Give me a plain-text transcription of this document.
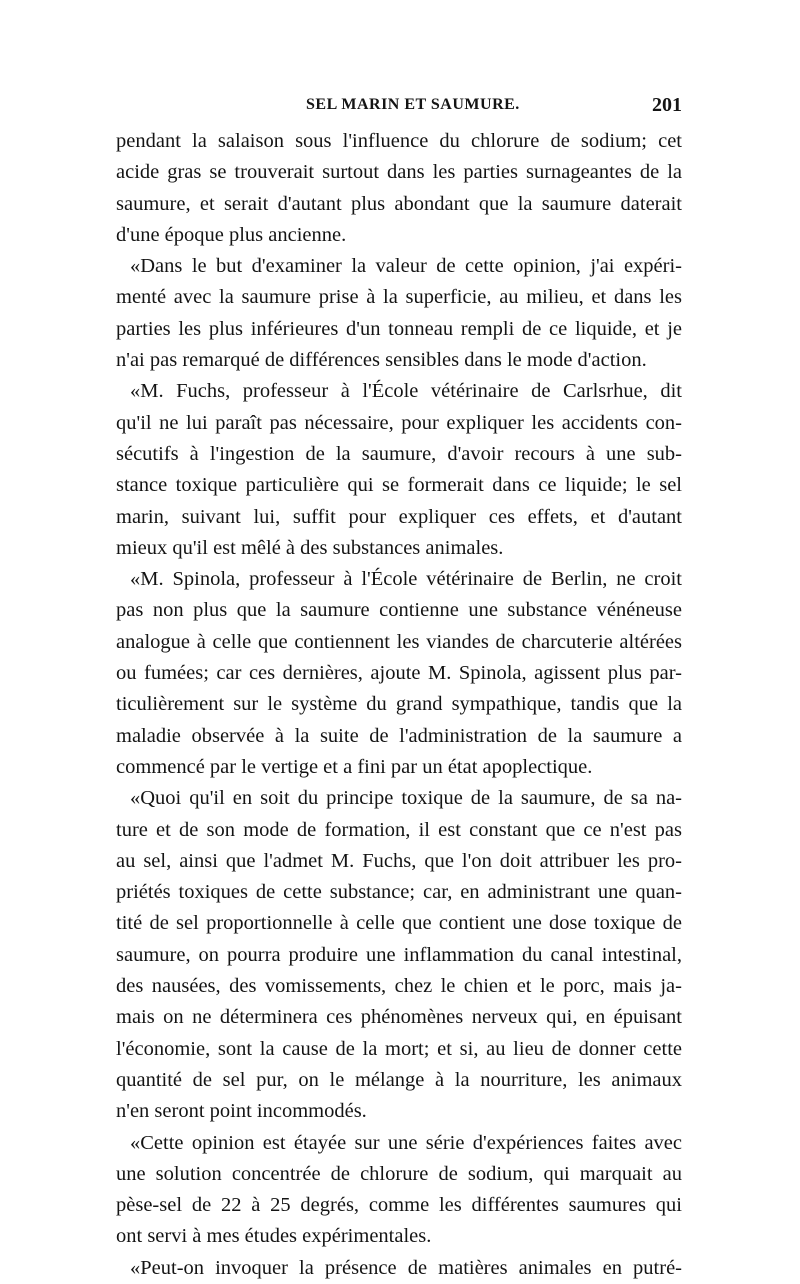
SEL MARIN ET SAUMURE.	201
pendant la salaison sous l'influence du chlorure de sodium; cet
acide gras se trouverait surtout dans les parties surnageantes de la
saumure, et serait d'autant plus abondant que la saumure daterait
d'une époque plus ancienne.
«Dans le but d'examiner la valeur de cette opinion, j'ai expéri-
menté avec la saumure prise à la superficie, au milieu, et dans les
parties les plus inférieures d'un tonneau rempli de ce liquide, et je
n'ai pas remarqué de différences sensibles dans le mode d'action.
«M. Fuchs, professeur à l'École vétérinaire de Carlsrhue, dit
qu'il ne lui paraît pas nécessaire, pour expliquer les accidents con-
sécutifs à l'ingestion de la saumure, d'avoir recours à une sub-
stance toxique particulière qui se formerait dans ce liquide; le sel
marin, suivant lui, suffit pour expliquer ces effets, et d'autant
mieux qu'il est mêlé à des substances animales.
«M. Spinola, professeur à l'École vétérinaire de Berlin, ne croit
pas non plus que la saumure contienne une substance vénéneuse
analogue à celle que contiennent les viandes de charcuterie altérées
ou fumées; car ces dernières, ajoute M. Spinola, agissent plus par-
ticulièrement sur le système du grand sympathique, tandis que la
maladie observée à la suite de l'administration de la saumure a
commencé par le vertige et a fini par un état apoplectique.
«Quoi qu'il en soit du principe toxique de la saumure, de sa na-
ture et de son mode de formation, il est constant que ce n'est pas
au sel, ainsi que l'admet M. Fuchs, que l'on doit attribuer les pro-
priétés toxiques de cette substance; car, en administrant une quan-
tité de sel proportionnelle à celle que contient une dose toxique de
saumure, on pourra produire une inflammation du canal intestinal,
des nausées, des vomissements, chez le chien et le porc, mais ja-
mais on ne déterminera ces phénomènes nerveux qui, en épuisant
l'économie, sont la cause de la mort; et si, au lieu de donner cette
quantité de sel pur, on le mélange à la nourriture, les animaux
n'en seront point incommodés.
«Cette opinion est étayée sur une série d'expériences faites avec
une solution concentrée de chlorure de sodium, qui marquait au
pèse-sel de 22 à 25 degrés, comme les différentes saumures qui
ont servi à mes études expérimentales.
«Peut-on invoquer la présence de matières animales en putré-
